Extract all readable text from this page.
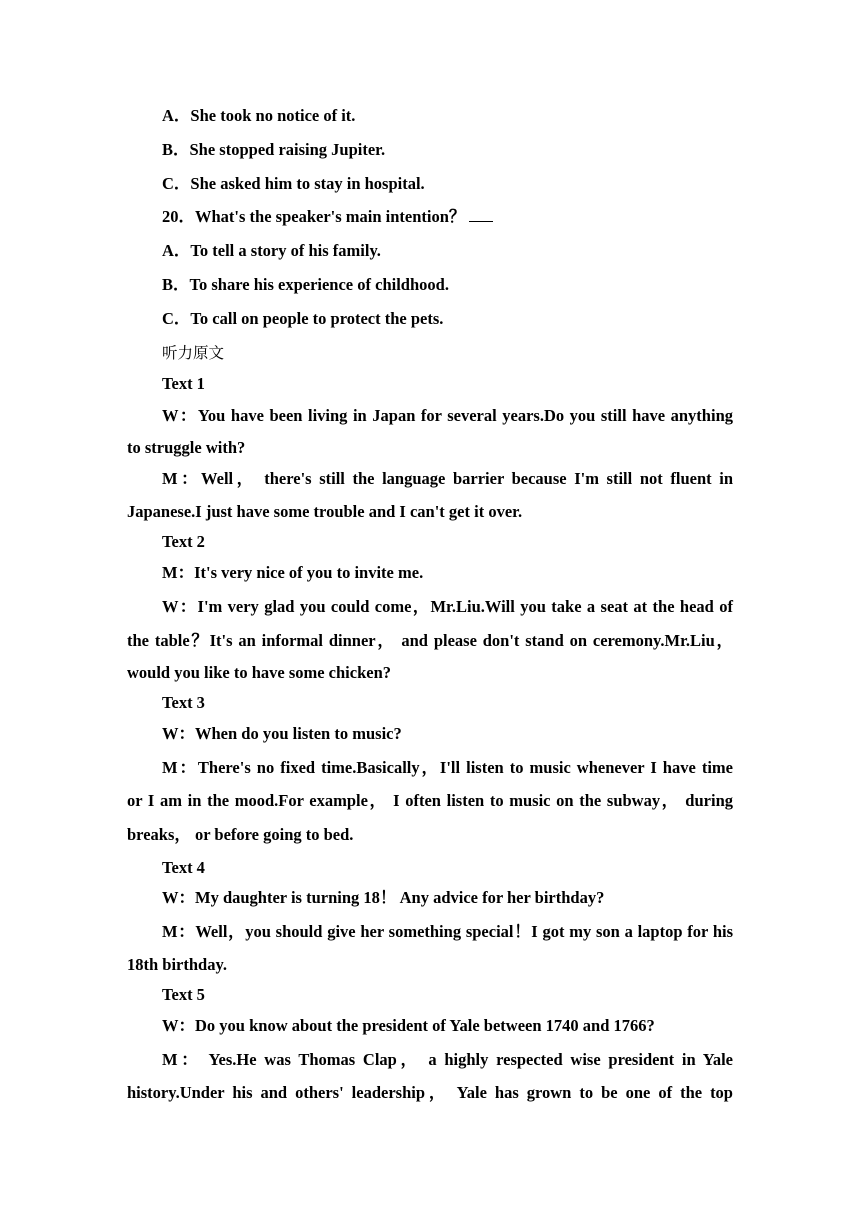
A．She took no notice of it.
B．She stopped raising Jupiter.
C．She asked him to stay in hospital.
20．What's the speaker's main intention？
A．To tell a story of his family.
B．To share his experience of childhood.
C．To call on people to protect the pets.
听力原文
Text 1
W：You have been living in Japan for several years.Do you still have anything
to struggle with?
M：Well， there's still the language barrier because I'm still not fluent in
Japanese.I just have some trouble and I can't get it over.
Text 2
M：It's very nice of you to invite me.
W：I'm very glad you could come，Mr.Liu.Will you take a seat at the head of
the table？It's an informal dinner， and please don't stand on ceremony.Mr.Liu，
would you like to have some chicken?
Text 3
W：When do you listen to music?
M：There's no fixed time.Basically，I'll listen to music whenever I have time
or I am in the mood.For example， I often listen to music on the subway， during
breaks， or before going to bed.
Text 4
W：My daughter is turning 18！ Any advice for her birthday?
M：Well，you should give her something special！I got my son a laptop for his
18th birthday.
Text 5
W：Do you know about the president of Yale between 1740 and 1766?
M： Yes.He was Thomas Clap， a highly respected wise president in Yale
history.Under his and others' leadership， Yale has grown to be one of the top
